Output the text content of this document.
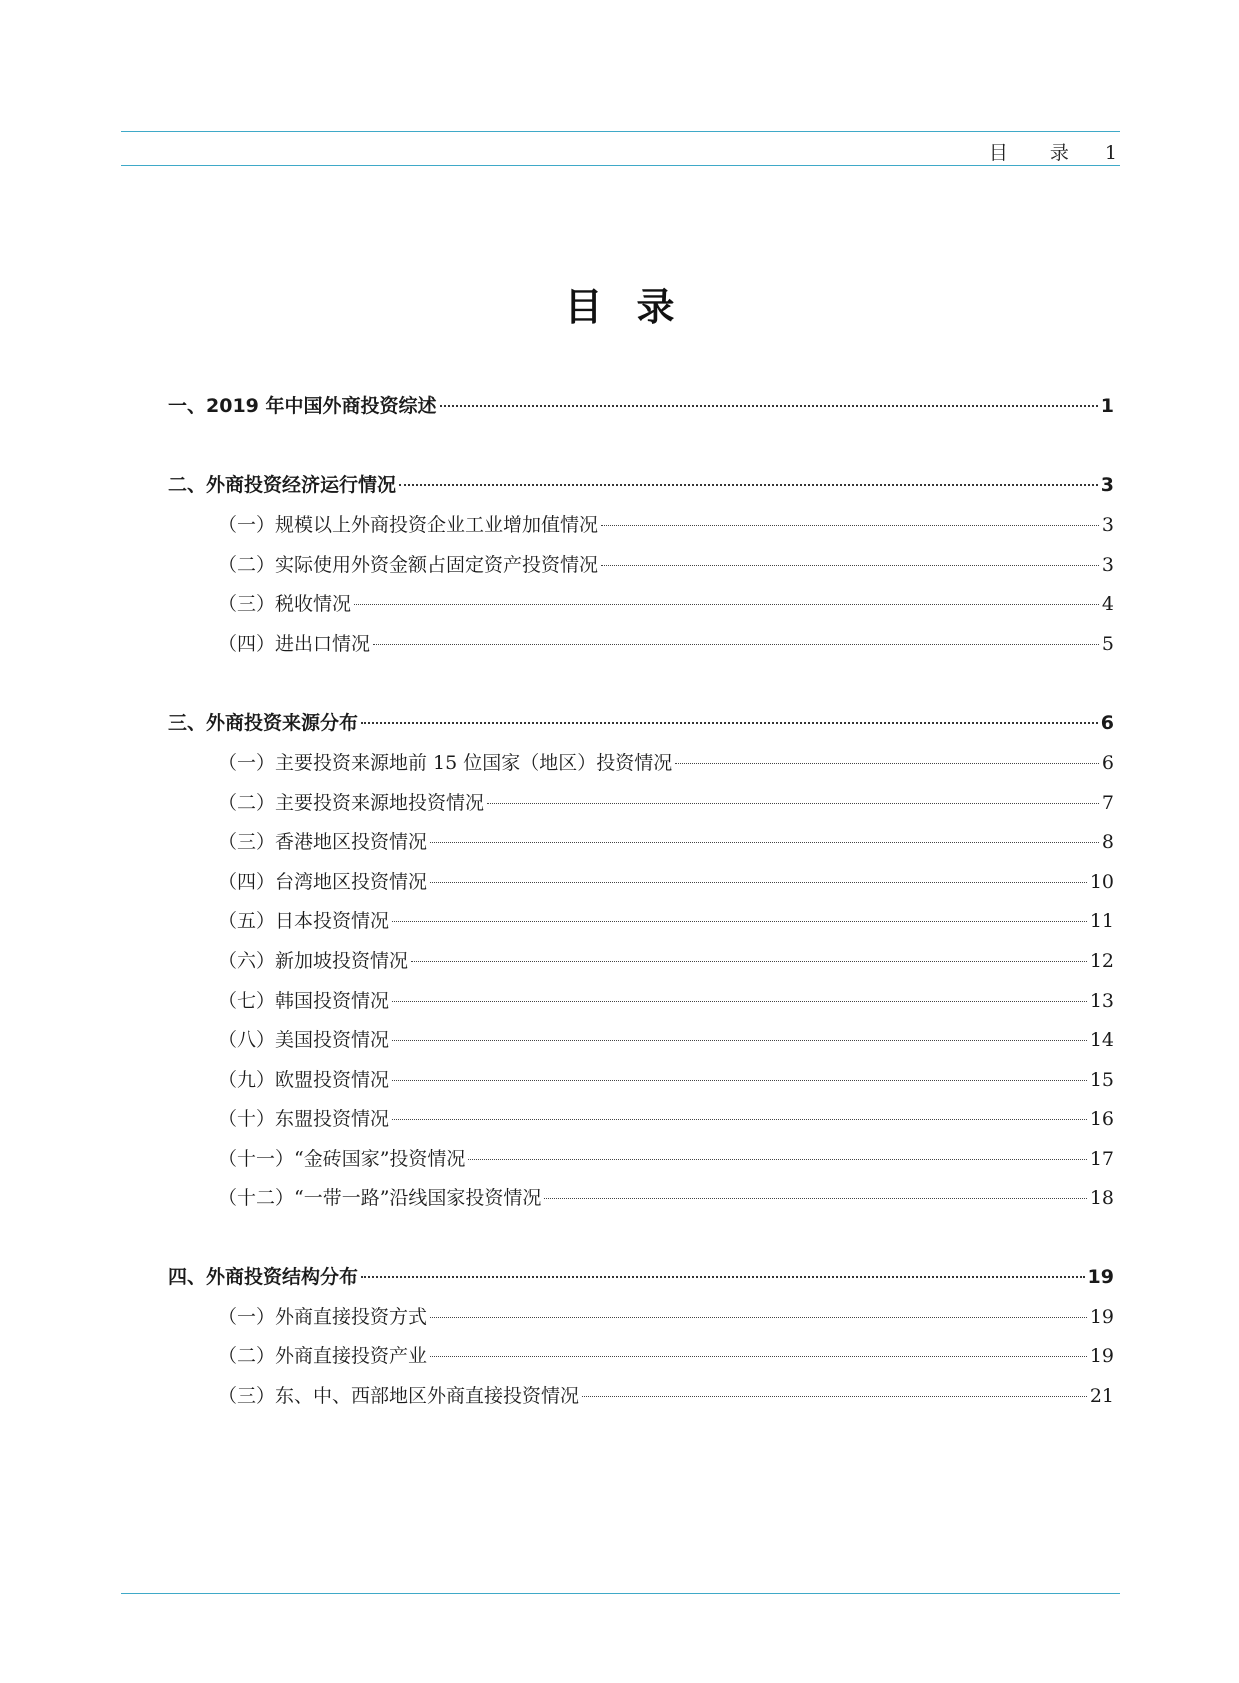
目 录 1
目录
一、2019 年中国外商投资综述	1
二、外商投资经济运行情况	3
（一）规模以上外商投资企业工业增加值情况	3
（二）实际使用外资金额占固定资产投资情况	3
（三）税收情况	4
（四）进出口情况	5
三、外商投资来源分布	6
（一）主要投资来源地前 15 位国家（地区）投资情况	6
（二）主要投资来源地投资情况	7
（三）香港地区投资情况	8
（四）台湾地区投资情况	10
（五）日本投资情况	11
（六）新加坡投资情况	12
（七）韩国投资情况	13
（八）美国投资情况	14
（九）欧盟投资情况	15
（十）东盟投资情况	16
（十一）“金砖国家”投资情况	17
（十二）“一带一路”沿线国家投资情况	18
四、外商投资结构分布	19
（一）外商直接投资方式	19
（二）外商直接投资产业	19
（三）东、中、西部地区外商直接投资情况	21
